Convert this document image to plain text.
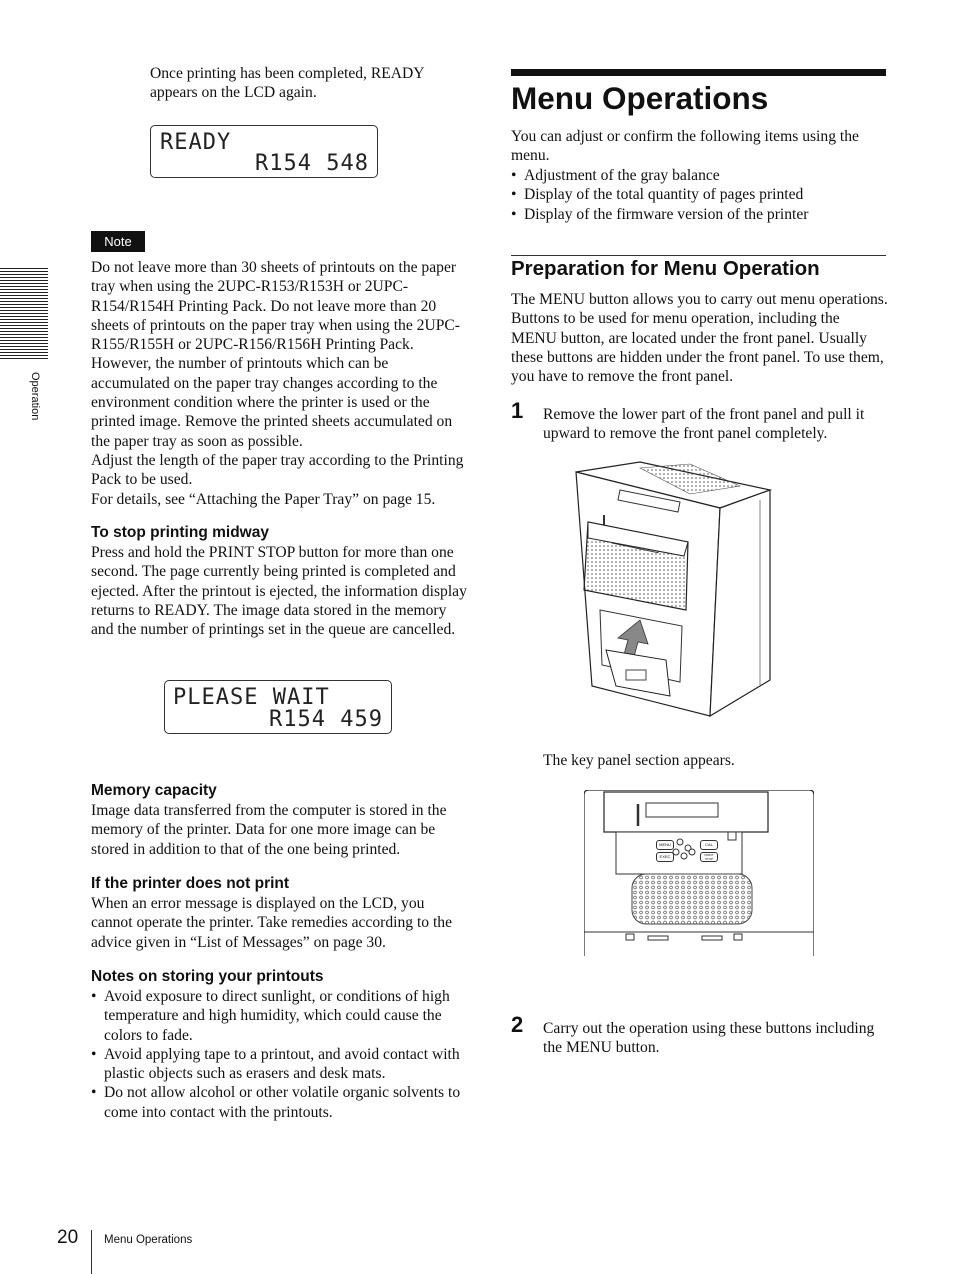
Operation
Once printing has been completed, READY appears on the LCD again.

READY

R154 548

Note
Do not leave more than 30 sheets of printouts on the paper tray when using the 2UPC-R153/R153H or 2UPC-R154/R154H Printing Pack. Do not leave more than 20 sheets of printouts on the paper tray when using the 2UPC-R155/R155H or 2UPC-R156/R156H Printing Pack. However, the number of printouts which can be accumulated on the paper tray changes according to the environment condition where the printer is used or the printed image. Remove the printed sheets accumulated on the paper tray as soon as possible.
Adjust the length of the paper tray according to the Printing Pack to be used.
For details, see “Attaching the Paper Tray” on page 15.
To stop printing midway
Press and hold the PRINT STOP button for more than one second. The page currently being printed is completed and ejected. After the printout is ejected, the information display returns to READY. The image data stored in the memory and the number of printings set in the queue are cancelled.

PLEASE WAIT

R154 459

Memory capacity
Image data transferred from the computer is stored in the memory of the printer. Data for one more image can be stored in addition to that of the one being printed.
If the printer does not print
When an error message is displayed on the LCD, you cannot operate the printer. Take remedies according to the advice given in “List of Messages” on page 30.
Notes on storing your printouts
• Avoid exposure to direct sunlight, or conditions of high temperature and high humidity, which could cause the colors to fade.
• Avoid applying tape to a printout, and avoid contact with plastic objects such as erasers and desk mats.
• Do not allow alcohol or other volatile organic solvents to come into contact with the printouts.
Menu Operations
You can adjust or confirm the following items using the menu.
• Adjustment of the gray balance
• Display of the total quantity of pages printed
• Display of the firmware version of the printer
Preparation for Menu Operation
The MENU button allows you to carry out menu operations. Buttons to be used for menu operation, including the MENU button, are located under the front panel. Usually these buttons are hidden under the front panel. To use them, you have to remove the front panel.
1 Remove the lower part of the front panel and pull it upward to remove the front panel completely.
The key panel section appears.
MENU
EXEC
CAL
PRINT STOP
2 Carry out the operation using these buttons including the MENU button.
20 Menu Operations
